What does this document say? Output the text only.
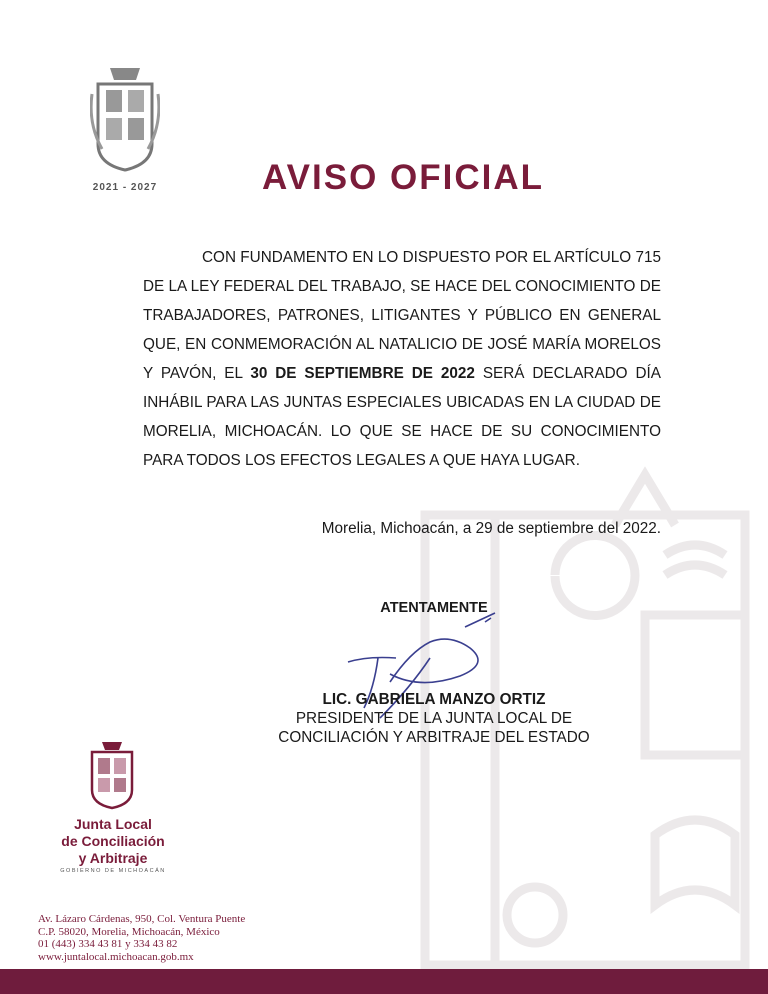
2021 - 2027	AVISO OFICIAL

CON FUNDAMENTO EN LO DISPUESTO POR EL ARTÍCULO 715 DE LA LEY FEDERAL DEL TRABAJO, SE HACE DEL CONOCIMIENTO DE TRABAJADORES, PATRONES, LITIGANTES Y PÚBLICO EN GENERAL QUE, EN CONMEMORACIÓN AL NATALICIO DE JOSÉ MARÍA MORELOS Y PAVÓN, EL 30 DE SEPTIEMBRE DE 2022 SERÁ DECLARADO DÍA INHÁBIL PARA LAS JUNTAS ESPECIALES UBICADAS EN LA CIUDAD DE MORELIA, MICHOACÁN. LO QUE SE HACE DE SU CONOCIMIENTO PARA TODOS LOS EFECTOS LEGALES A QUE HAYA LUGAR.

Morelia, Michoacán, a 29 de septiembre del 2022.
ATENTAMENTE
LIC. GABRIELA MANZO ORTIZ
PRESIDENTE DE LA JUNTA LOCAL DE
CONCILIACIÓN Y ARBITRAJE DEL ESTADO
Junta Local
de Conciliación
y Arbitraje
GOBIERNO DE MICHOACÁN
Av. Lázaro Cárdenas, 950, Col. Ventura Puente
C.P. 58020, Morelia, Michoacán, México
01 (443) 334 43 81 y 334 43 82
www.juntalocal.michoacan.gob.mx
